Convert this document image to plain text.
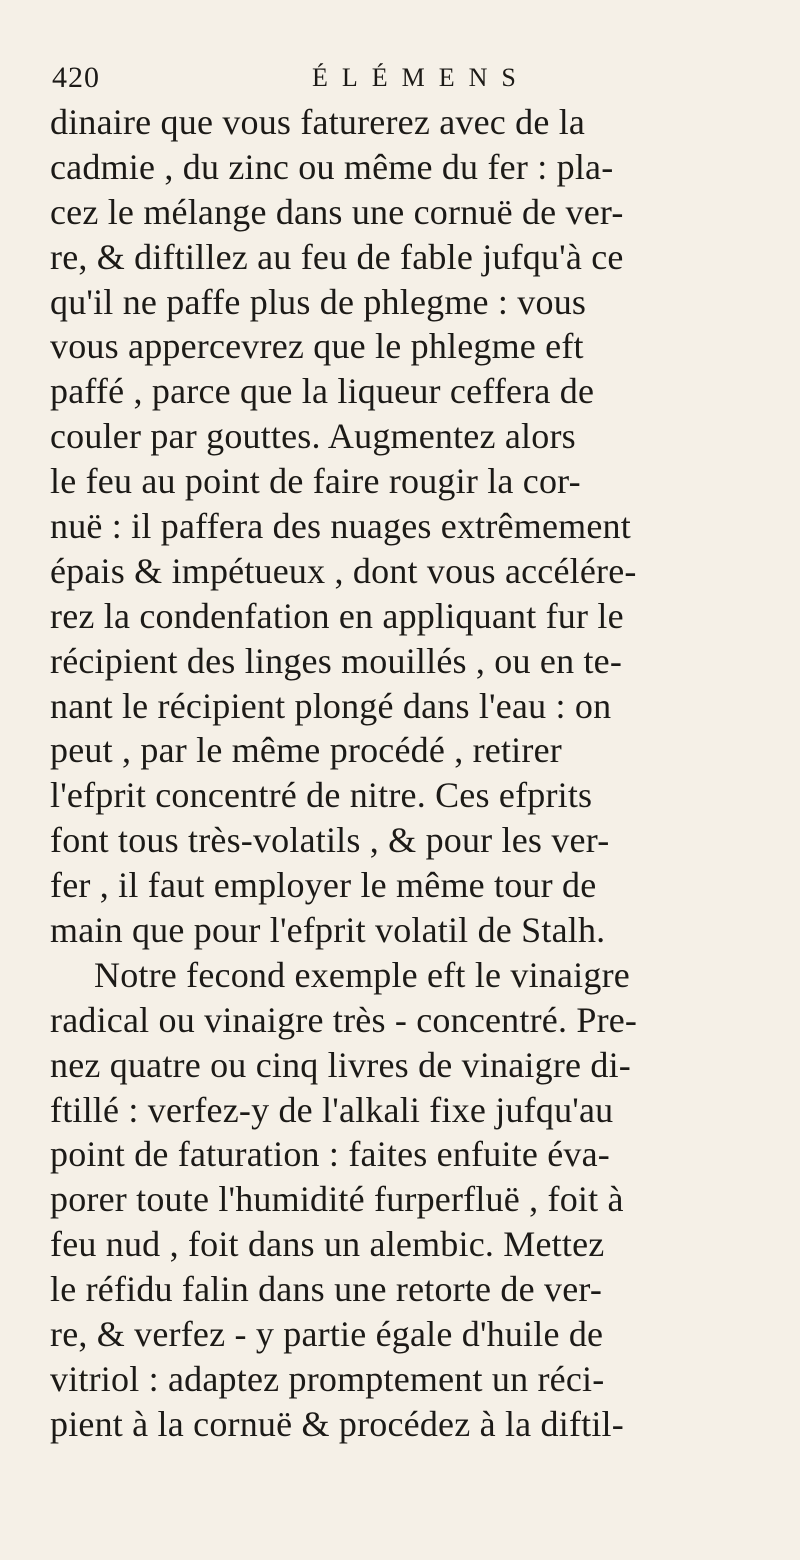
420	ÉLÉMENS
dinaire que vous faturerez avec de la
cadmie , du zinc ou même du fer : pla-
cez le mélange dans une cornuë de ver-
re, & diftillez au feu de fable jufqu'à ce
qu'il ne paffe plus de phlegme : vous
vous appercevrez que le phlegme eft
paffé , parce que la liqueur ceffera de
couler par gouttes. Augmentez alors
le feu au point de faire rougir la cor-
nuë : il paffera des nuages extrêmement
épais & impétueux , dont vous accélére-
rez la condenfation en appliquant fur le
récipient des linges mouillés , ou en te-
nant le récipient plongé dans l'eau : on
peut , par le même procédé , retirer
l'efprit concentré de nitre. Ces efprits
font tous très-volatils , & pour les ver-
fer , il faut employer le même tour de
main que pour l'efprit volatil de Stalh.
Notre fecond exemple eft le vinaigre
radical ou vinaigre très - concentré. Pre-
nez quatre ou cinq livres de vinaigre di-
ftillé : verfez-y de l'alkali fixe jufqu'au
point de faturation : faites enfuite éva-
porer toute l'humidité furperfluë , foit à
feu nud , foit dans un alembic. Mettez
le réfidu falin dans une retorte de ver-
re, & verfez - y partie égale d'huile de
vitriol : adaptez promptement un réci-
pient à la cornuë & procédez à la diftil-
